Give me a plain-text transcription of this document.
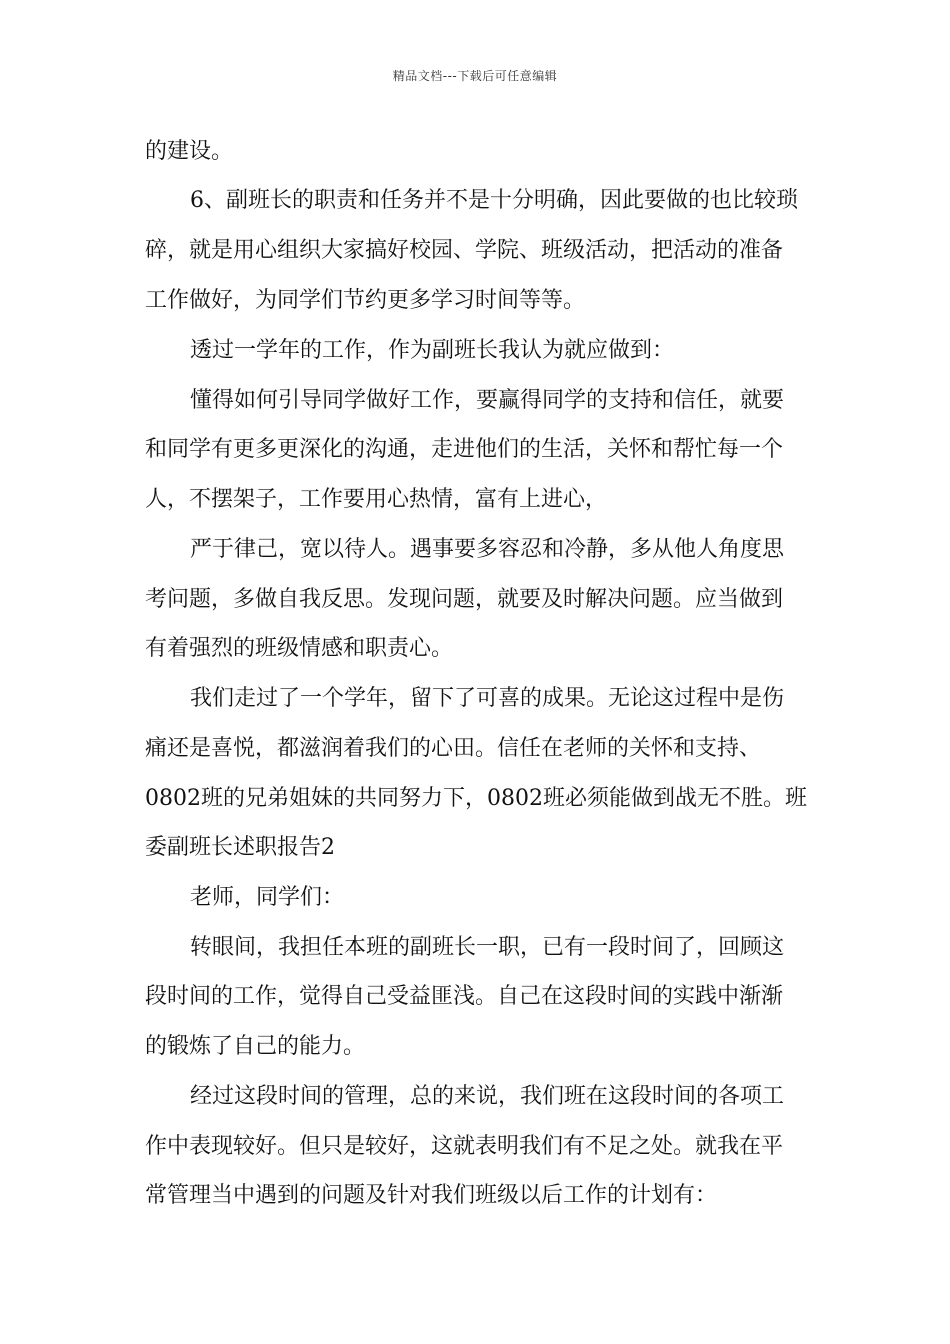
精品文档---下载后可任意编辑
的建设。
6、副班长的职责和任务并不是十分明确，因此要做的也比较琐
碎，就是用心组织大家搞好校园、学院、班级活动，把活动的准备
工作做好，为同学们节约更多学习时间等等。
透过一学年的工作，作为副班长我认为就应做到：
懂得如何引导同学做好工作，要赢得同学的支持和信任，就要
和同学有更多更深化的沟通，走进他们的生活，关怀和帮忙每一个
人，不摆架子，工作要用心热情，富有上进心，
严于律己，宽以待人。遇事要多容忍和冷静，多从他人角度思
考问题，多做自我反思。发现问题，就要及时解决问题。应当做到
有着强烈的班级情感和职责心。
我们走过了一个学年，留下了可喜的成果。无论这过程中是伤
痛还是喜悦，都滋润着我们的心田。信任在老师的关怀和支持、
0802班的兄弟姐妹的共同努力下，0802班必须能做到战无不胜。班
委副班长述职报告2
老师，同学们：
转眼间，我担任本班的副班长一职，已有一段时间了，回顾这
段时间的工作，觉得自己受益匪浅。自己在这段时间的实践中渐渐
的锻炼了自己的能力。
经过这段时间的管理，总的来说，我们班在这段时间的各项工
作中表现较好。但只是较好，这就表明我们有不足之处。就我在平
常管理当中遇到的问题及针对我们班级以后工作的计划有：
